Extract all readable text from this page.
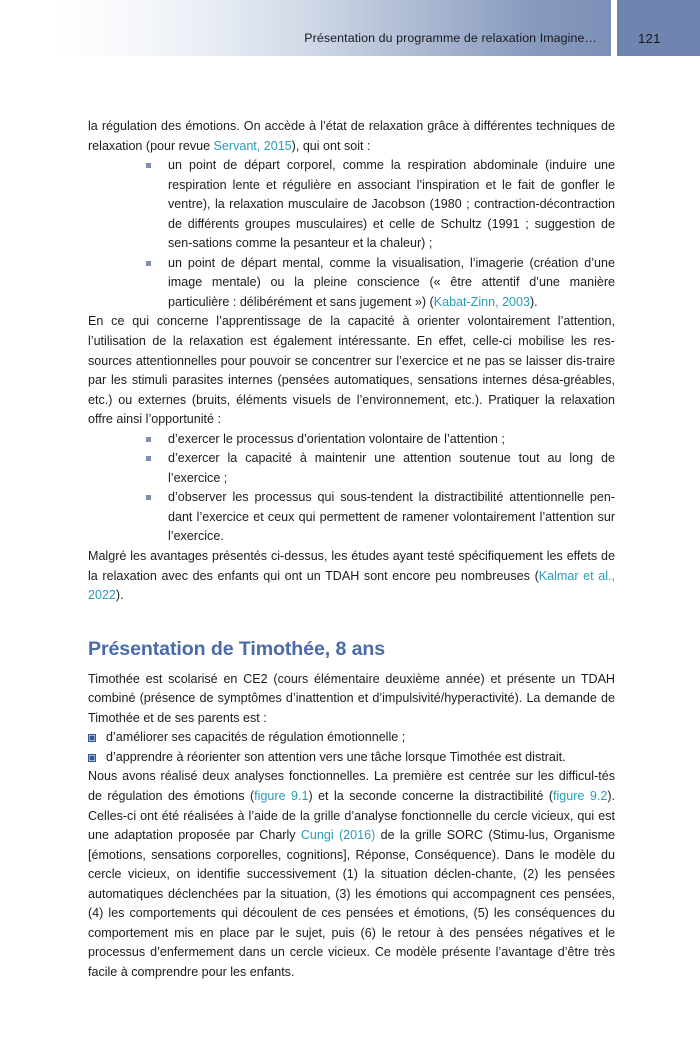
Présentation du programme de relaxation Imagine…	121

la régulation des émotions. On accède à l’état de relaxation grâce à différentes techniques de relaxation (pour revue Servant, 2015), qui ont soit :

un point de départ corporel, comme la respiration abdominale (induire une respiration lente et régulière en associant l’inspiration et le fait de gonfler le ventre), la relaxation musculaire de Jacobson (1980 ; contraction-décontraction de différents groupes musculaires) et celle de Schultz (1991 ; suggestion de sen-sations comme la pesanteur et la chaleur) ;
un point de départ mental, comme la visualisation, l’imagerie (création d’une image mentale) ou la pleine conscience (« être attentif d’une manière particulière : délibérément et sans jugement ») (Kabat-Zinn, 2003).

En ce qui concerne l’apprentissage de la capacité à orienter volontairement l’attention, l’utilisation de la relaxation est également intéressante. En effet, celle-ci mobilise les res-sources attentionnelles pour pouvoir se concentrer sur l’exercice et ne pas se laisser dis-traire par les stimuli parasites internes (pensées automatiques, sensations internes désa-gréables, etc.) ou externes (bruits, éléments visuels de l’environnement, etc.). Pratiquer la relaxation offre ainsi l’opportunité :

d’exercer le processus d’orientation volontaire de l’attention ;
d’exercer la capacité à maintenir une attention soutenue tout au long de l’exercice ;
d’observer les processus qui sous-tendent la distractibilité attentionnelle pen-dant l’exercice et ceux qui permettent de ramener volontairement l’attention sur l’exercice.

Malgré les avantages présentés ci-dessus, les études ayant testé spécifiquement les effets de la relaxation avec des enfants qui ont un TDAH sont encore peu nombreuses (Kalmar et al., 2022).

Présentation de Timothée, 8 ans

Timothée est scolarisé en CE2 (cours élémentaire deuxième année) et présente un TDAH combiné (présence de symptômes d’inattention et d’impulsivité/hyperactivité). La demande de Timothée et de ses parents est :

d’améliorer ses capacités de régulation émotionnelle ;
d’apprendre à réorienter son attention vers une tâche lorsque Timothée est distrait.

Nous avons réalisé deux analyses fonctionnelles. La première est centrée sur les difficul-tés de régulation des émotions (figure 9.1) et la seconde concerne la distractibilité (figure 9.2). Celles-ci ont été réalisées à l’aide de la grille d’analyse fonctionnelle du cercle vicieux, qui est une adaptation proposée par Charly Cungi (2016) de la grille SORC (Stimu-lus, Organisme [émotions, sensations corporelles, cognitions], Réponse, Conséquence). Dans le modèle du cercle vicieux, on identifie successivement (1) la situation déclen-chante, (2) les pensées automatiques déclenchées par la situation, (3) les émotions qui accompagnent ces pensées, (4) les comportements qui découlent de ces pensées et émotions, (5) les conséquences du comportement mis en place par le sujet, puis (6) le retour à des pensées négatives et le processus d’enfermement dans un cercle vicieux. Ce modèle présente l’avantage d’être très facile à comprendre pour les enfants.
